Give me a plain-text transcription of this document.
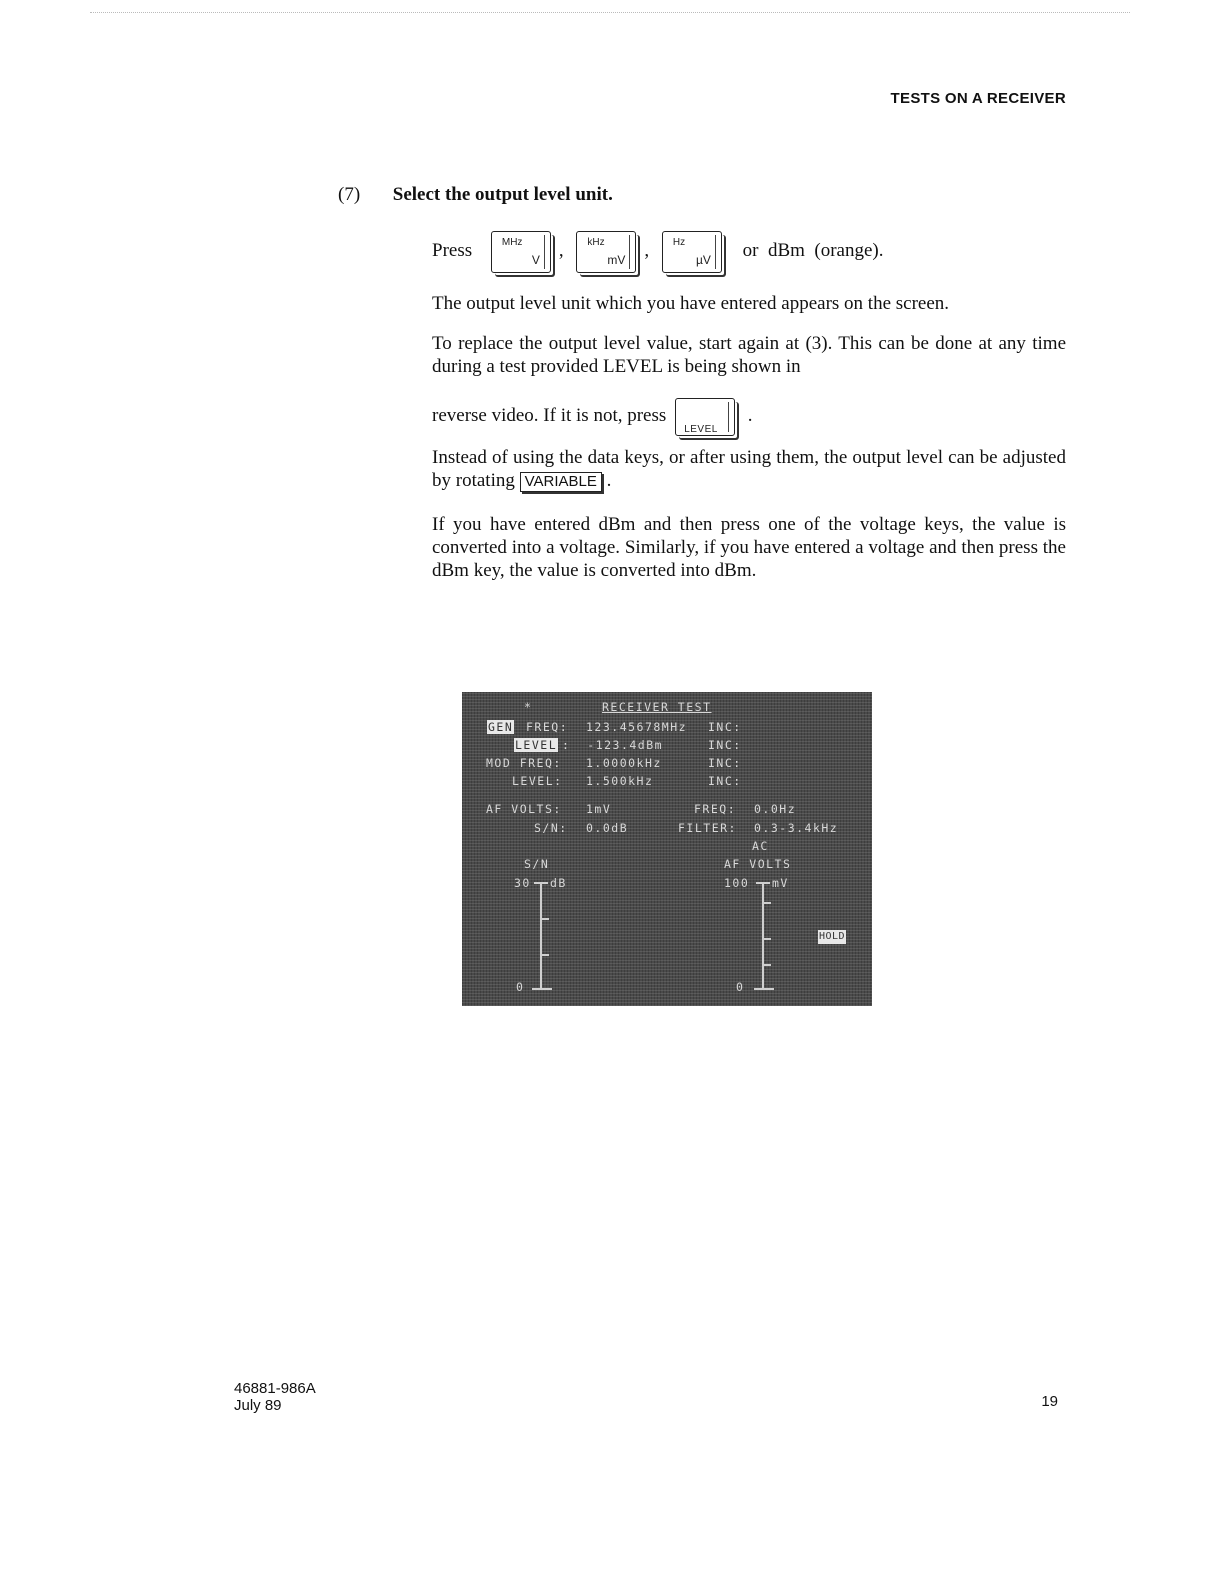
TESTS ON A RECEIVER
(7) Select the output level unit.
Press	MHz
V , kHz
mV , Hz
µV or  dBm  (orange).
The output level unit which you have entered appears on the screen.
To replace the output level value, start again at (3). This can be done at any time during a test provided LEVEL is being shown in
reverse video. If it is not, press
LEVEL
.
Instead of using the data keys, or after using them, the output level can be adjusted by rotating VARIABLE .
If you have entered dBm and then press one of the voltage keys, the value is converted into a voltage. Similarly, if you have entered a voltage and then press the dBm key, the value is converted into dBm.
*	RECEIVER TEST
GEN FREQ: 123.45678MHz INC:
LEVEL :  -123.4dBm	INC:
MOD FREQ: 1.0000kHz	INC:
LEVEL: 1.500kHz	INC:
AF VOLTS: 1mV	FREQ: 0.0Hz
S/N: 0.0dB	FILTER: 0.3-3.4kHz
AC
S/N
30 dB
0
AF VOLTS
100 mV
0
HOLD
46881-986A
July 89	19
